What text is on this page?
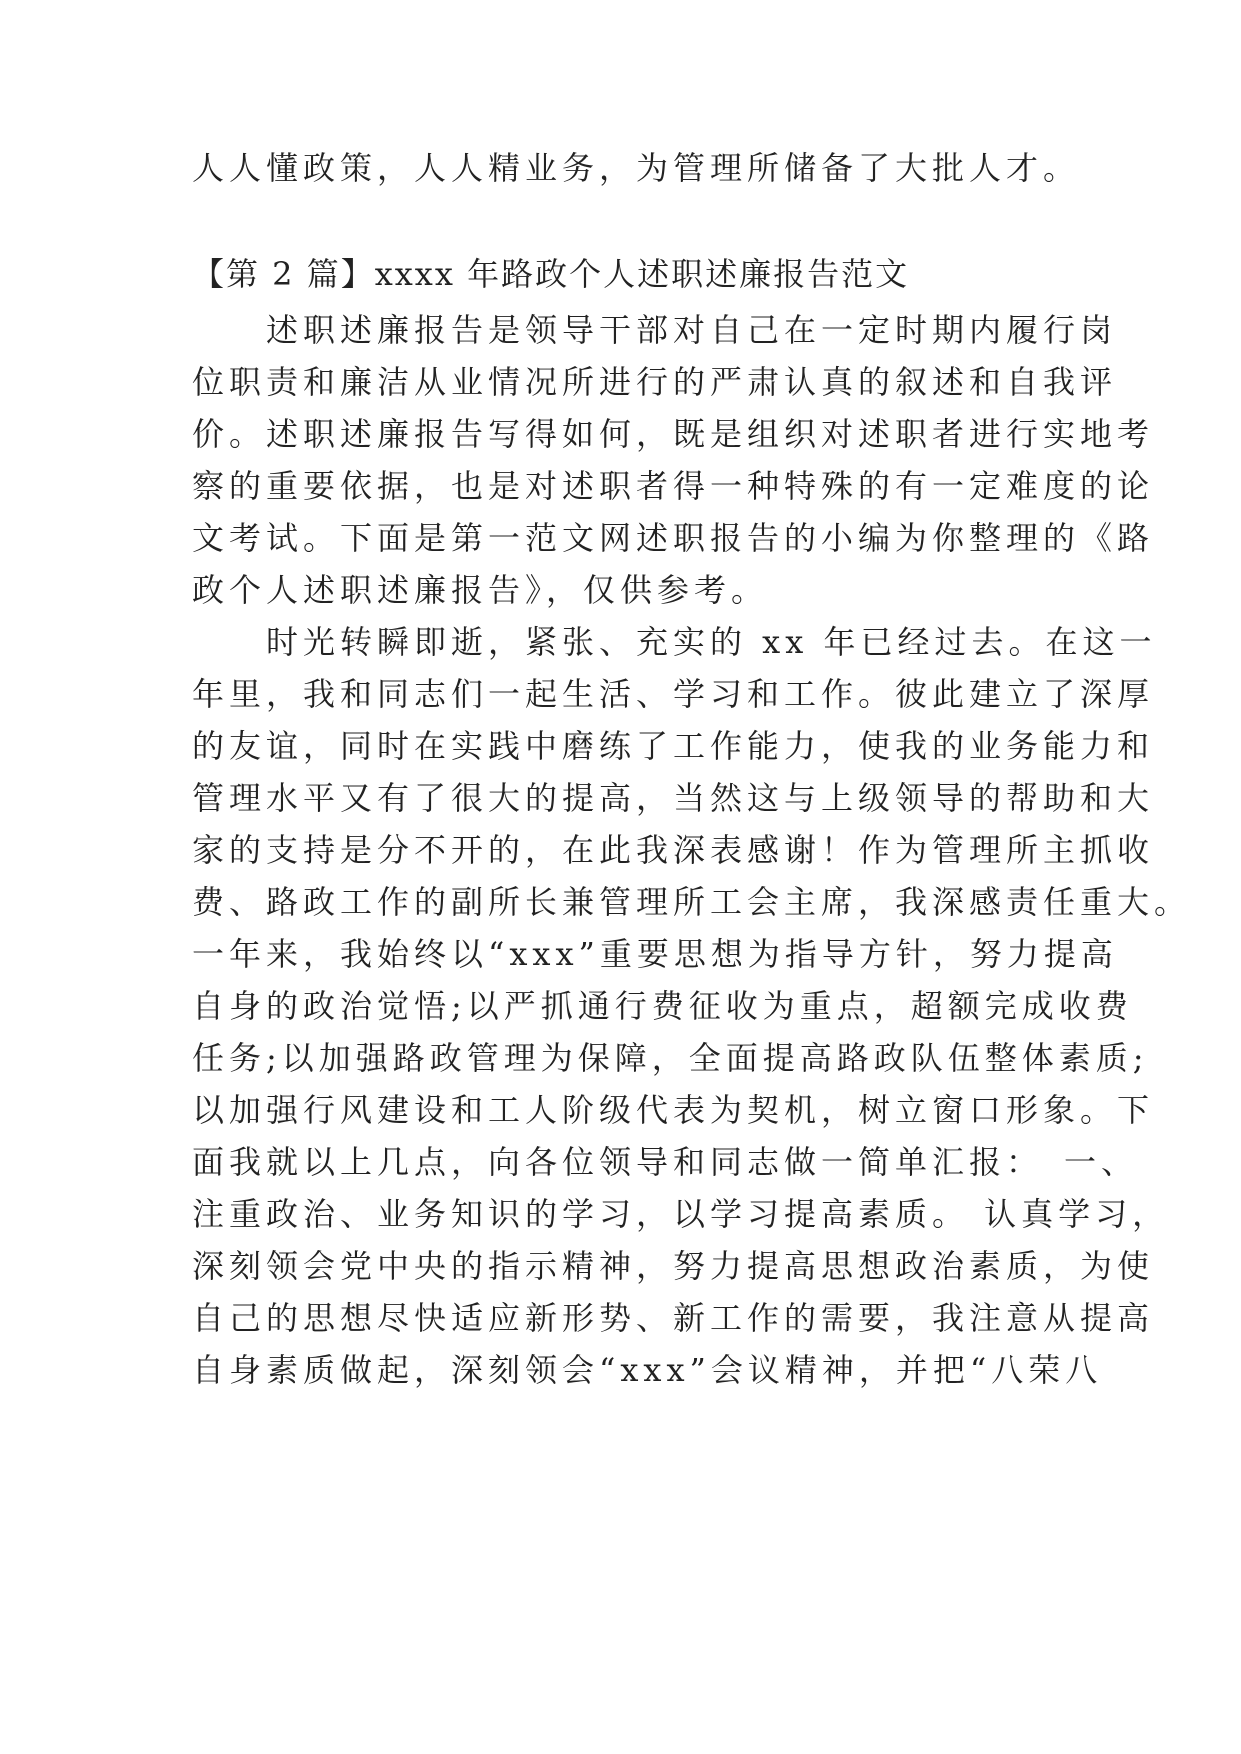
人人懂政策，人人精业务，为管理所储备了大批人才。
【第 2 篇】xxxx 年路政个人述职述廉报告范文
　　述职述廉报告是领导干部对自己在一定时期内履行岗
位职责和廉洁从业情况所进行的严肃认真的叙述和自我评
价。述职述廉报告写得如何，既是组织对述职者进行实地考
察的重要依据，也是对述职者得一种特殊的有一定难度的论
文考试。下面是第一范文网述职报告的小编为你整理的《路
政个人述职述廉报告》，仅供参考。
　　时光转瞬即逝，紧张、充实的 xx 年已经过去。在这一
年里，我和同志们一起生活、学习和工作。彼此建立了深厚
的友谊，同时在实践中磨练了工作能力，使我的业务能力和
管理水平又有了很大的提高，当然这与上级领导的帮助和大
家的支持是分不开的，在此我深表感谢！作为管理所主抓收
费、路政工作的副所长兼管理所工会主席，我深感责任重大。
一年来，我始终以“xxx”重要思想为指导方针，努力提高
自身的政治觉悟;以严抓通行费征收为重点，超额完成收费
任务;以加强路政管理为保障，全面提高路政队伍整体素质;
以加强行风建设和工人阶级代表为契机，树立窗口形象。下
面我就以上几点，向各位领导和同志做一简单汇报：　一、
注重政治、业务知识的学习，以学习提高素质。 认真学习，
深刻领会党中央的指示精神，努力提高思想政治素质，为使
自己的思想尽快适应新形势、新工作的需要，我注意从提高
自身素质做起，深刻领会“xxx”会议精神，并把“八荣八
